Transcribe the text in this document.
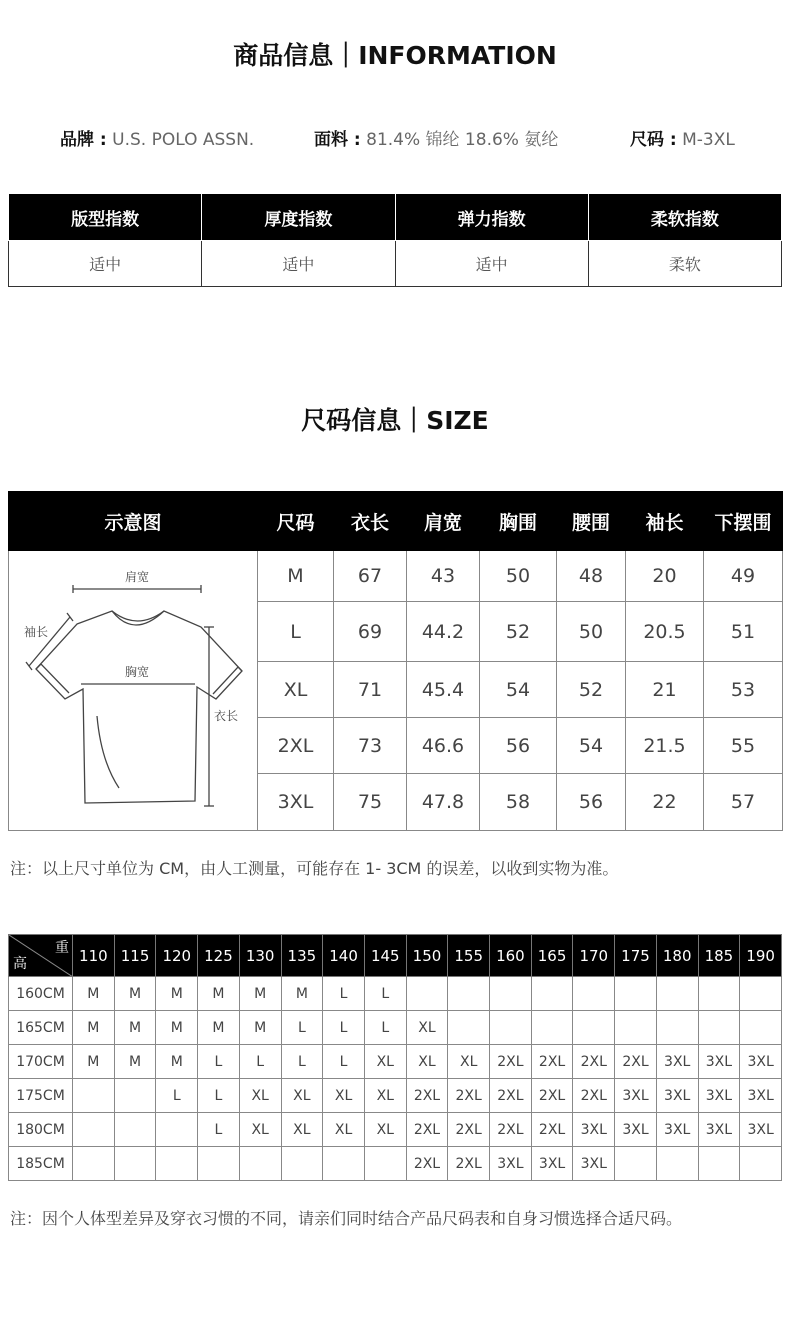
商品信息｜INFORMATION
品牌 : U.S. POLO ASSN.	面料 : 81.4% 锦纶 18.6% 氨纶	尺码 : M-3XL
版型指数	厚度指数	弹力指数	柔软指数
适中	适中	适中	柔软
尺码信息｜SIZE
示意图	尺码	衣长	肩宽	胸围	腰围	袖长	下摆围

肩宽
袖长
胸宽
衣长	M	67	43	50	48	20	49
	L	69	44.2	52	50	20.5	51
	XL	71	45.4	54	52	21	53
	2XL	73	46.6	56	54	21.5	55
	3XL	75	47.8	58	56	22	57
注：以上尺寸单位为 CM，由人工测量，可能存在 1- 3CM 的误差，以收到实物为准。
重
高	110	115	120	125	130	135	140	145	150	155	160	165	170	175	180	185	190
160CM	M	M	M	M	M	M	L	L									
165CM	M	M	M	M	M	L	L	L	XL								
170CM	M	M	M	L	L	L	L	XL	XL	XL	2XL	2XL	2XL	2XL	3XL	3XL	3XL
175CM			L	L	XL	XL	XL	XL	2XL	2XL	2XL	2XL	2XL	3XL	3XL	3XL	3XL
180CM				L	XL	XL	XL	XL	2XL	2XL	2XL	2XL	3XL	3XL	3XL	3XL	3XL
185CM									2XL	2XL	3XL	3XL	3XL				
注：因个人体型差异及穿衣习惯的不同，请亲们同时结合产品尺码表和自身习惯选择合适尺码。
